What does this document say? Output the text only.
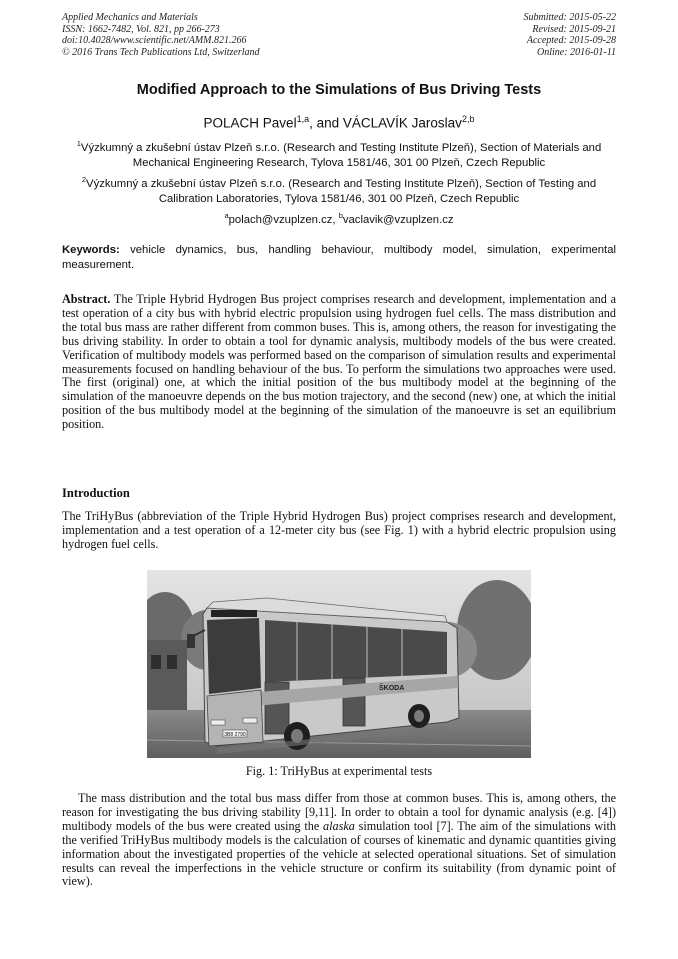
Applied Mechanics and Materials
ISSN: 1662-7482, Vol. 821, pp 266-273
doi:10.4028/www.scientific.net/AMM.821.266
© 2016 Trans Tech Publications Ltd, Switzerland
Submitted: 2015-05-22
Revised: 2015-09-21
Accepted: 2015-09-28
Online: 2016-01-11
Modified Approach to the Simulations of Bus Driving Tests
POLACH Pavel$^{1,a}$, and VÁCLAVÍK Jaroslav$^{2,b}$
$^1$Výzkumný a zkušební ústav Plzeň s.r.o. (Research and Testing Institute Plzeň), Section of Materials and Mechanical Engineering Research, Tylova 1581/46, 301 00 Plzeň, Czech Republic
$^2$Výzkumný a zkušební ústav Plzeň s.r.o. (Research and Testing Institute Plzeň), Section of Testing and Calibration Laboratories, Tylova 1581/46, 301 00 Plzeň, Czech Republic
$^a$polach@vzuplzen.cz, $^b$vaclavik@vzuplzen.cz
Keywords: vehicle dynamics, bus, handling behaviour, multibody model, simulation, experimental measurement.
Abstract. The Triple Hybrid Hydrogen Bus project comprises research and development, implementation and a test operation of a city bus with hybrid electric propulsion using hydrogen fuel cells. The mass distribution and the total bus mass are rather different from common buses. This is, among others, the reason for investigating the bus driving stability. In order to obtain a tool for dynamic analysis, multibody models of the bus were created. Verification of multibody models was performed based on the comparison of simulation results and experimental measurements focused on handling behaviour of the bus. To perform the simulations two approaches were used. The first (original) one, at which the initial position of the bus multibody model at the beginning of the simulation of the manoeuvre depends on the bus motion trajectory, and the second (new) one, at which the initial position of the bus multibody model at the beginning of the simulation of the manoeuvre is set an equilibrium position.
Introduction
The TriHyBus (abbreviation of the Triple Hybrid Hydrogen Bus) project comprises research and development, implementation and a test operation of a 12-meter city bus (see Fig. 1) with a hybrid electric propulsion using hydrogen fuel cells.
3B8 2790
ŠKODA
Fig. 1: TriHyBus at experimental tests
The mass distribution and the total bus mass differ from those at common buses. This is, among others, the reason for investigating the bus driving stability [9,11]. In order to obtain a tool for dynamic analysis (e.g. [4]) multibody models of the bus were created using the alaska simulation tool [7]. The aim of the simulations with the verified TriHyBus multibody models is the calculation of courses of kinematic and dynamic quantities giving information about the investigated properties of the vehicle at selected operational situations. Set of simulation results can reveal the imperfections in the vehicle structure or confirm its suitability (from dynamic point of view).
